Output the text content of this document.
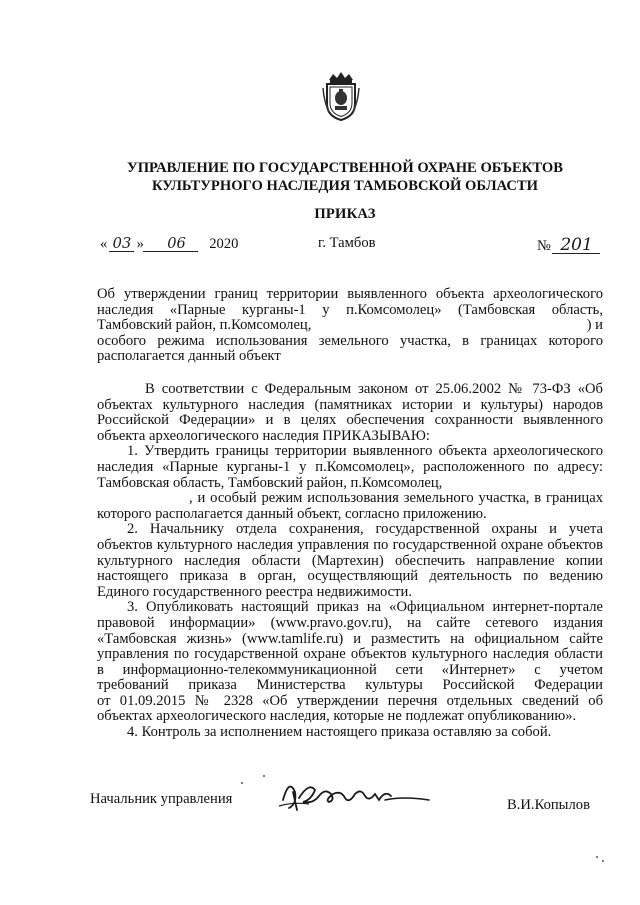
УПРАВЛЕНИЕ ПО ГОСУДАРСТВЕННОЙ ОХРАНЕ ОБЪЕКТОВ
КУЛЬТУРНОГО НАСЛЕДИЯ ТАМБОВСКОЙ ОБЛАСТИ
ПРИКАЗ
« 03 » 06 2020	г. Тамбов	№ 201
Об утверждении границ территории выявленного объекта археологического
наследия «Парные курганы-1 у п.Комсомолец» (Тамбовская область,
Тамбовский район, п.Комсомолец,	) и
особого режима использования земельного участка, в границах которого
располагается данный объект
В соответствии с Федеральным законом от 25.06.2002 № 73-ФЗ «Об
объектах культурного наследия (памятниках истории и культуры) народов
Российской Федерации» и в целях обеспечения сохранности выявленного
объекта археологического наследия ПРИКАЗЫВАЮ:
1. Утвердить границы территории выявленного объекта археологического
наследия «Парные курганы-1 у п.Комсомолец», расположенного по адресу:
Тамбовская область, Тамбовский район, п.Комсомолец,
, и особый режим использования земельного участка, в границах
которого располагается данный объект, согласно приложению.
2. Начальнику отдела сохранения, государственной охраны и учета
объектов культурного наследия управления по государственной охране объектов
культурного наследия области (Мартехин) обеспечить направление копии
настоящего приказа в орган, осуществляющий деятельность по ведению
Единого государственного реестра недвижимости.
3. Опубликовать настоящий приказ на «Официальном интернет-портале
правовой информации» (www.pravo.gov.ru), на сайте сетевого издания
«Тамбовская жизнь» (www.tamlife.ru) и разместить на официальном сайте
управления по государственной охране объектов культурного наследия области
в информационно-телекоммуникационной сети «Интернет» с учетом
требований приказа Министерства культуры Российской Федерации
от 01.09.2015 № 2328 «Об утверждении перечня отдельных сведений об
объектах археологического наследия, которые не подлежат опубликованию».
4. Контроль за исполнением настоящего приказа оставляю за собой.
Начальник управления	В.И.Копылов
